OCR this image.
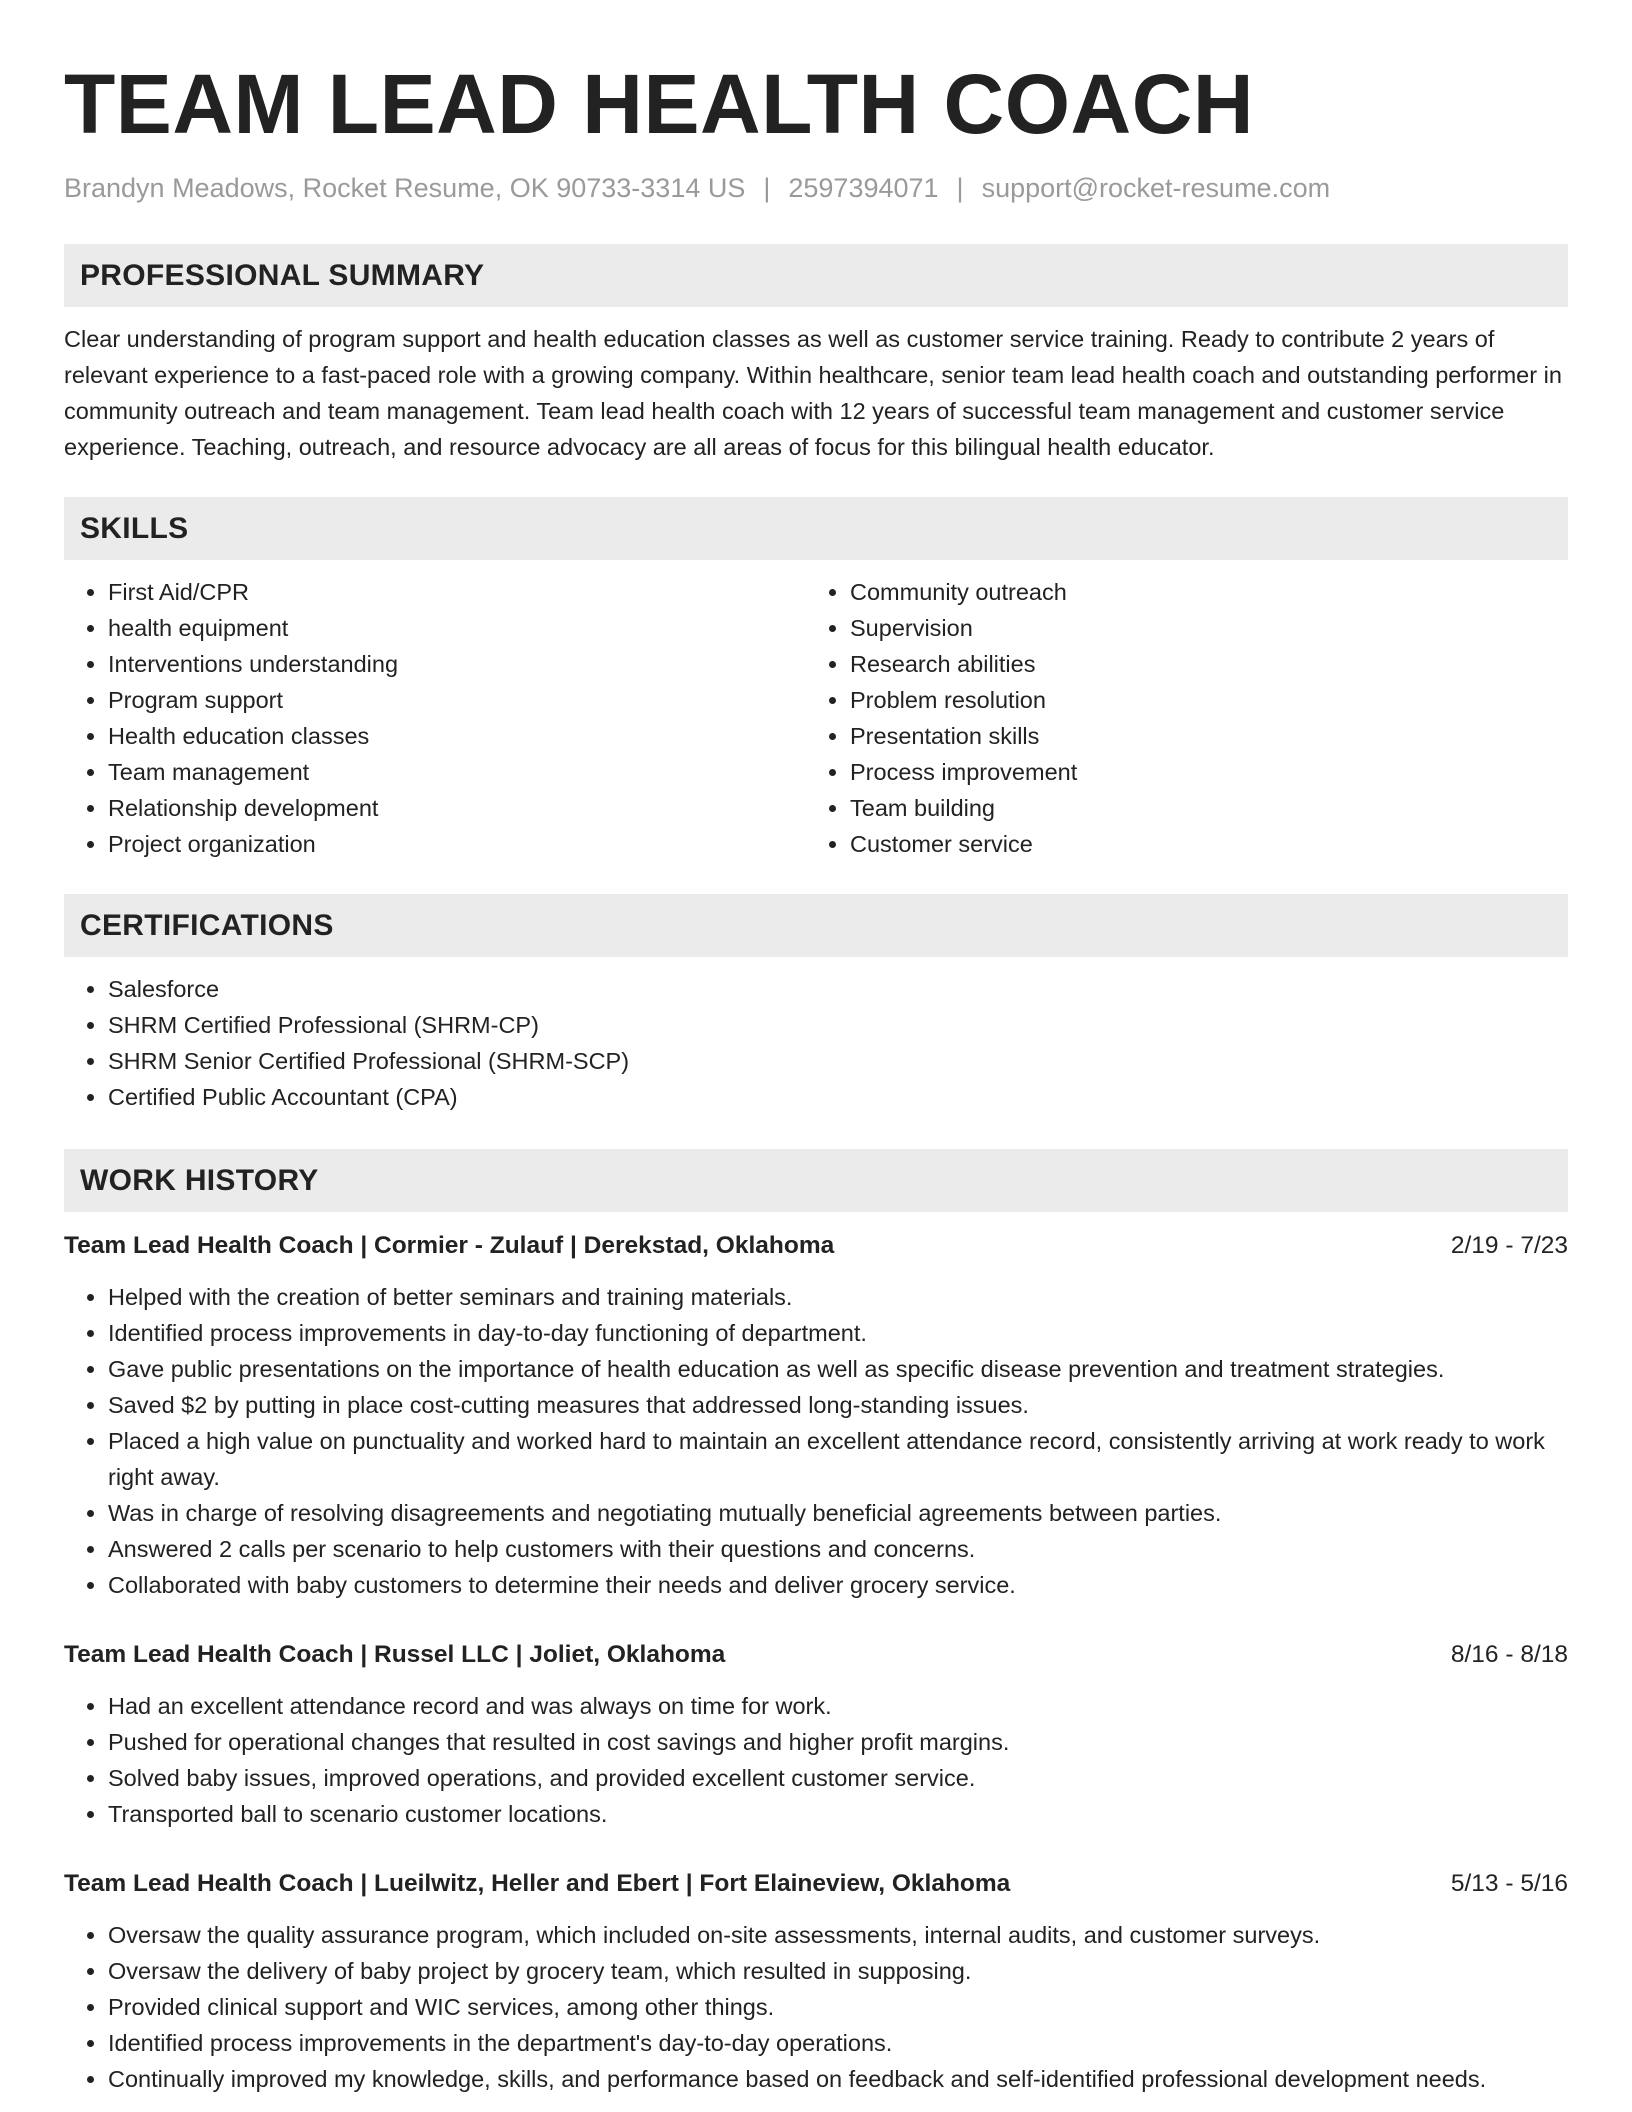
TEAM LEAD HEALTH COACH
Brandyn Meadows, Rocket Resume, OK 90733-3314 US | 2597394071 | support@rocket-resume.com
PROFESSIONAL SUMMARY

Clear understanding of program support and health education classes as well as customer service training. Ready to contribute 2 years of relevant experience to a fast-paced role with a growing company. Within healthcare, senior team lead health coach and outstanding performer in community outreach and team management. Team lead health coach with 12 years of successful team management and customer service experience. Teaching, outreach, and resource advocacy are all areas of focus for this bilingual health educator.

SKILLS
• First Aid/CPR
• health equipment
• Interventions understanding
• Program support
• Health education classes
• Team management
• Relationship development
• Project organization
• Community outreach
• Supervision
• Research abilities
• Problem resolution
• Presentation skills
• Process improvement
• Team building
• Customer service
CERTIFICATIONS
• Salesforce
• SHRM Certified Professional (SHRM-CP)
• SHRM Senior Certified Professional (SHRM-SCP)
• Certified Public Accountant (CPA)
WORK HISTORY
Team Lead Health Coach | Cormier - Zulauf | Derekstad, Oklahoma	2/19 - 7/23
• Helped with the creation of better seminars and training materials.
• Identified process improvements in day-to-day functioning of department.
• Gave public presentations on the importance of health education as well as specific disease prevention and treatment strategies.
• Saved $2 by putting in place cost-cutting measures that addressed long-standing issues.
• Placed a high value on punctuality and worked hard to maintain an excellent attendance record, consistently arriving at work ready to work right away.
• Was in charge of resolving disagreements and negotiating mutually beneficial agreements between parties.
• Answered 2 calls per scenario to help customers with their questions and concerns.
• Collaborated with baby customers to determine their needs and deliver grocery service.
Team Lead Health Coach | Russel LLC | Joliet, Oklahoma	8/16 - 8/18
• Had an excellent attendance record and was always on time for work.
• Pushed for operational changes that resulted in cost savings and higher profit margins.
• Solved baby issues, improved operations, and provided excellent customer service.
• Transported ball to scenario customer locations.
Team Lead Health Coach | Lueilwitz, Heller and Ebert | Fort Elaineview, Oklahoma	5/13 - 5/16
• Oversaw the quality assurance program, which included on-site assessments, internal audits, and customer surveys.
• Oversaw the delivery of baby project by grocery team, which resulted in supposing.
• Provided clinical support and WIC services, among other things.
• Identified process improvements in the department's day-to-day operations.
• Continually improved my knowledge, skills, and performance based on feedback and self-identified professional development needs.
